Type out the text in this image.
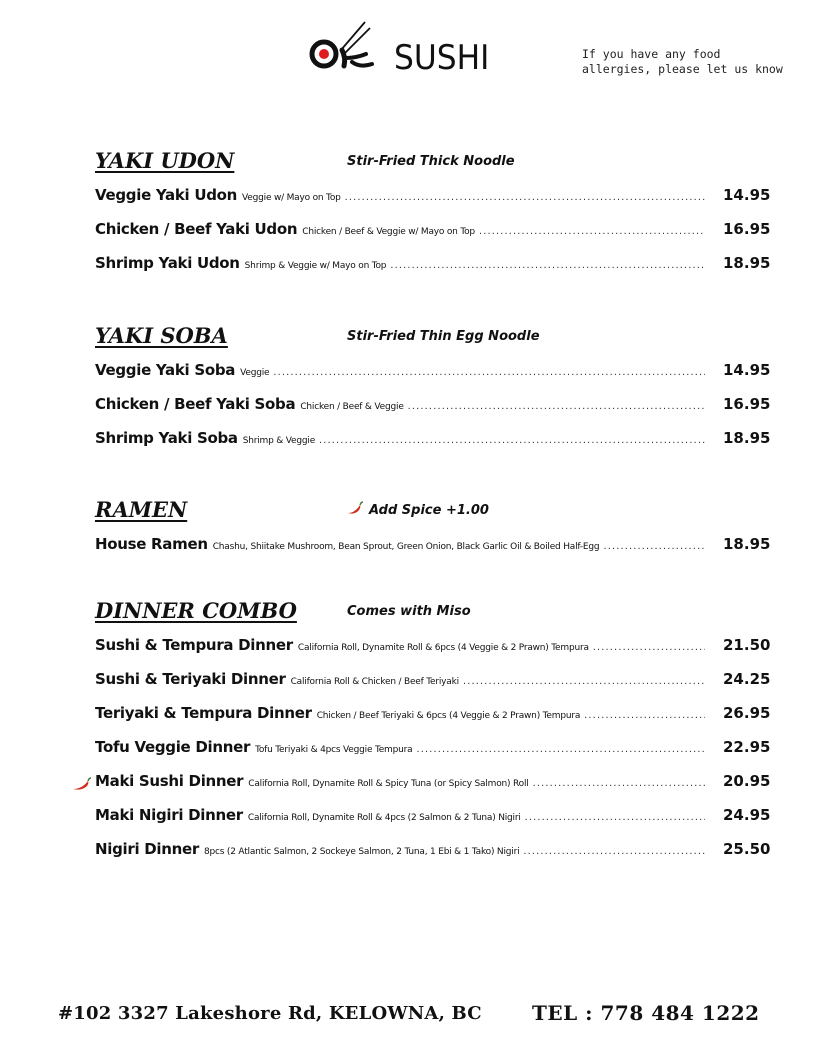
SUSHI	If you have any food
allergies, please let us know
YAKI UDON	Stir-Fried Thick Noodle
Veggie Yaki Udon Veggie w/ Mayo on Top .....	14.95
Chicken / Beef Yaki Udon Chicken / Beef & Veggie w/ Mayo on Top .....	16.95
Shrimp Yaki Udon Shrimp & Veggie w/ Mayo on Top .....	18.95
YAKI SOBA	Stir-Fried Thin Egg Noodle
Veggie Yaki Soba Veggie .....	14.95
Chicken / Beef Yaki Soba Chicken / Beef & Veggie .....	16.95
Shrimp Yaki Soba Shrimp & Veggie .....	18.95
RAMEN	Add Spice +1.00
House Ramen Chashu, Shiitake Mushroom, Bean Sprout, Green Onion, Black Garlic Oil & Boiled Half-Egg .....	18.95
DINNER COMBO	Comes with Miso
Sushi & Tempura Dinner California Roll, Dynamite Roll & 6pcs (4 Veggie & 2 Prawn) Tempura .....	21.50
Sushi & Teriyaki Dinner California Roll & Chicken / Beef Teriyaki .....	24.25
Teriyaki & Tempura Dinner Chicken / Beef Teriyaki & 6pcs (4 Veggie & 2 Prawn) Tempura .....	26.95
Tofu Veggie Dinner Tofu Teriyaki & 4pcs Veggie Tempura .....	22.95
Maki Sushi Dinner California Roll, Dynamite Roll & Spicy Tuna (or Spicy Salmon) Roll .....	20.95
Maki Nigiri Dinner California Roll, Dynamite Roll & 4pcs (2 Salmon & 2 Tuna) Nigiri .....	24.95
Nigiri Dinner 8pcs (2 Atlantic Salmon, 2 Sockeye Salmon, 2 Tuna, 1 Ebi & 1 Tako) Nigiri .....	25.50
#102 3327 Lakeshore Rd, KELOWNA, BC	TEL : 778 484 1222
